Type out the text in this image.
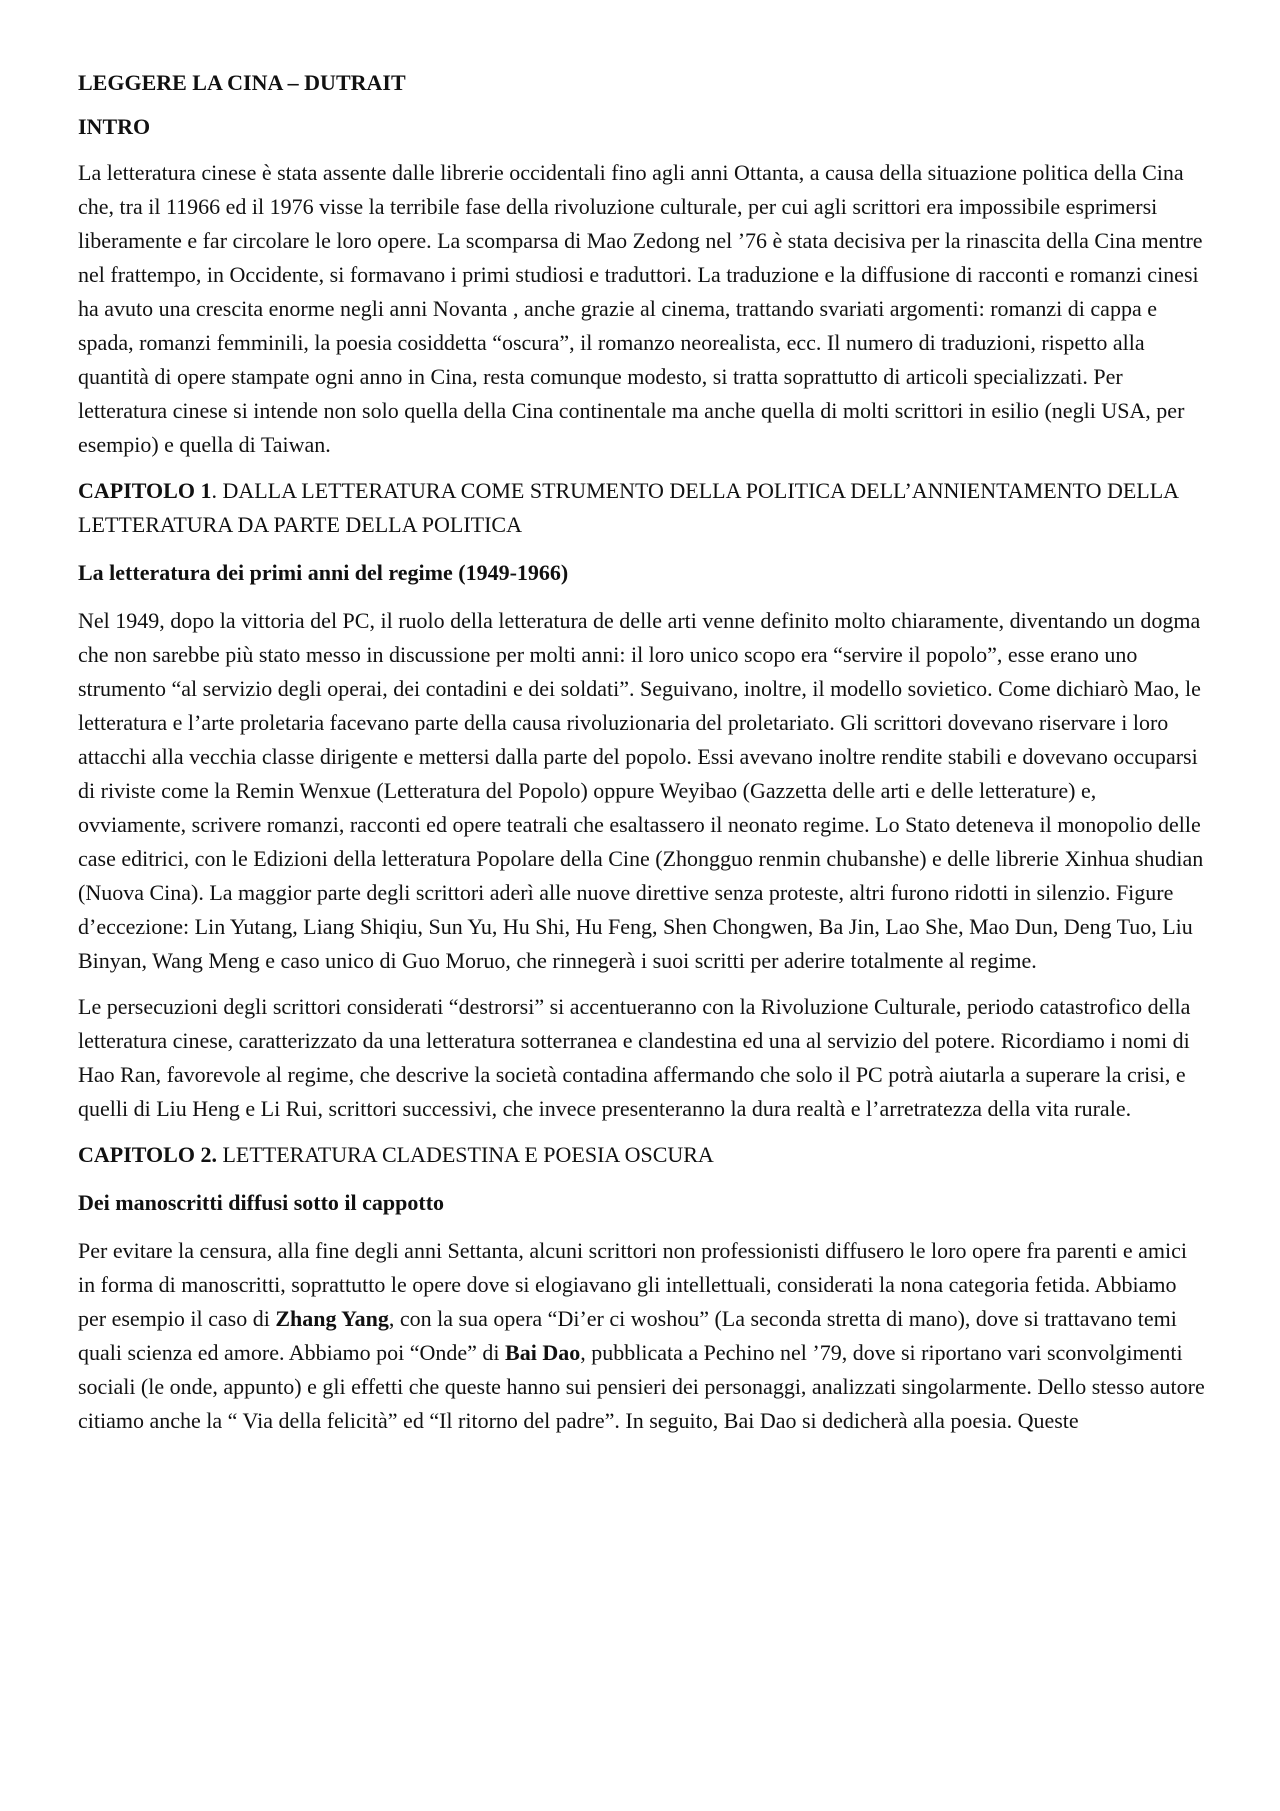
LEGGERE LA CINA – DUTRAIT

INTRO

La letteratura cinese è stata assente dalle librerie occidentali fino agli anni Ottanta, a causa della situazione politica della Cina che, tra il 11966 ed il 1976 visse la terribile fase della rivoluzione culturale, per cui agli scrittori era impossibile esprimersi liberamente e far circolare le loro opere. La scomparsa di Mao Zedong nel ’76 è stata decisiva per la rinascita della Cina mentre nel frattempo, in Occidente, si formavano i primi studiosi e traduttori. La traduzione e la diffusione di racconti e romanzi cinesi ha avuto una crescita enorme negli anni Novanta , anche grazie al cinema, trattando svariati argomenti: romanzi di cappa e spada, romanzi femminili, la poesia cosiddetta “oscura”, il romanzo neorealista, ecc. Il numero di traduzioni, rispetto alla quantità di opere stampate ogni anno in Cina, resta comunque modesto, si tratta soprattutto di articoli specializzati. Per letteratura cinese si intende non solo quella della Cina continentale ma anche quella di molti scrittori in esilio (negli USA, per esempio) e quella di Taiwan.

CAPITOLO 1. DALLA LETTERATURA COME STRUMENTO DELLA POLITICA DELL’ANNIENTAMENTO DELLA LETTERATURA DA PARTE DELLA POLITICA

La letteratura dei primi anni del regime (1949-1966)

Nel 1949, dopo la vittoria del PC, il ruolo della letteratura de delle arti venne definito molto chiaramente, diventando un dogma che non sarebbe più stato messo in discussione per molti anni: il loro unico scopo era “servire il popolo”, esse erano uno strumento “al servizio degli operai, dei contadini e dei soldati”. Seguivano, inoltre, il modello sovietico. Come dichiarò Mao, le letteratura e l’arte proletaria facevano parte della causa rivoluzionaria del proletariato. Gli scrittori dovevano riservare i loro attacchi alla vecchia classe dirigente e mettersi dalla parte del popolo. Essi avevano inoltre rendite stabili e dovevano occuparsi di riviste come la Remin Wenxue (Letteratura del Popolo) oppure Weyibao (Gazzetta delle arti e delle letterature) e, ovviamente, scrivere romanzi, racconti ed opere teatrali che esaltassero il neonato regime. Lo Stato deteneva il monopolio delle case editrici, con le Edizioni della letteratura Popolare della Cine (Zhongguo renmin chubanshe) e delle librerie Xinhua shudian (Nuova Cina). La maggior parte degli scrittori aderì alle nuove direttive senza proteste, altri furono ridotti in silenzio. Figure d’eccezione: Lin Yutang, Liang Shiqiu, Sun Yu, Hu Shi, Hu Feng, Shen Chongwen, Ba Jin, Lao She, Mao Dun, Deng Tuo, Liu Binyan, Wang Meng e caso unico di Guo Moruo, che rinnegerà i suoi scritti per aderire totalmente al regime.

Le persecuzioni degli scrittori considerati “destrorsi” si accentueranno con la Rivoluzione Culturale, periodo catastrofico della letteratura cinese, caratterizzato da una letteratura sotterranea e clandestina ed una al servizio del potere. Ricordiamo i nomi di Hao Ran, favorevole al regime, che descrive la società contadina affermando che solo il PC potrà aiutarla a superare la crisi, e quelli di Liu Heng e Li Rui, scrittori successivi, che invece presenteranno la dura realtà e l’arretratezza della vita rurale.

CAPITOLO 2. LETTERATURA CLADESTINA E POESIA OSCURA

Dei manoscritti diffusi sotto il cappotto

Per evitare la censura, alla fine degli anni Settanta, alcuni scrittori non professionisti diffusero le loro opere fra parenti e amici in forma di manoscritti, soprattutto le opere dove si elogiavano gli intellettuali, considerati la nona categoria fetida. Abbiamo per esempio il caso di Zhang Yang, con la sua opera “Di’er ci woshou” (La seconda stretta di mano), dove si trattavano temi quali scienza ed amore. Abbiamo poi “Onde” di Bai Dao, pubblicata a Pechino nel ’79, dove si riportano vari sconvolgimenti sociali (le onde, appunto) e gli effetti che queste hanno sui pensieri dei personaggi, analizzati singolarmente. Dello stesso autore citiamo anche la “ Via della felicità” ed “Il ritorno del padre”. In seguito, Bai Dao si dedicherà alla poesia. Queste
